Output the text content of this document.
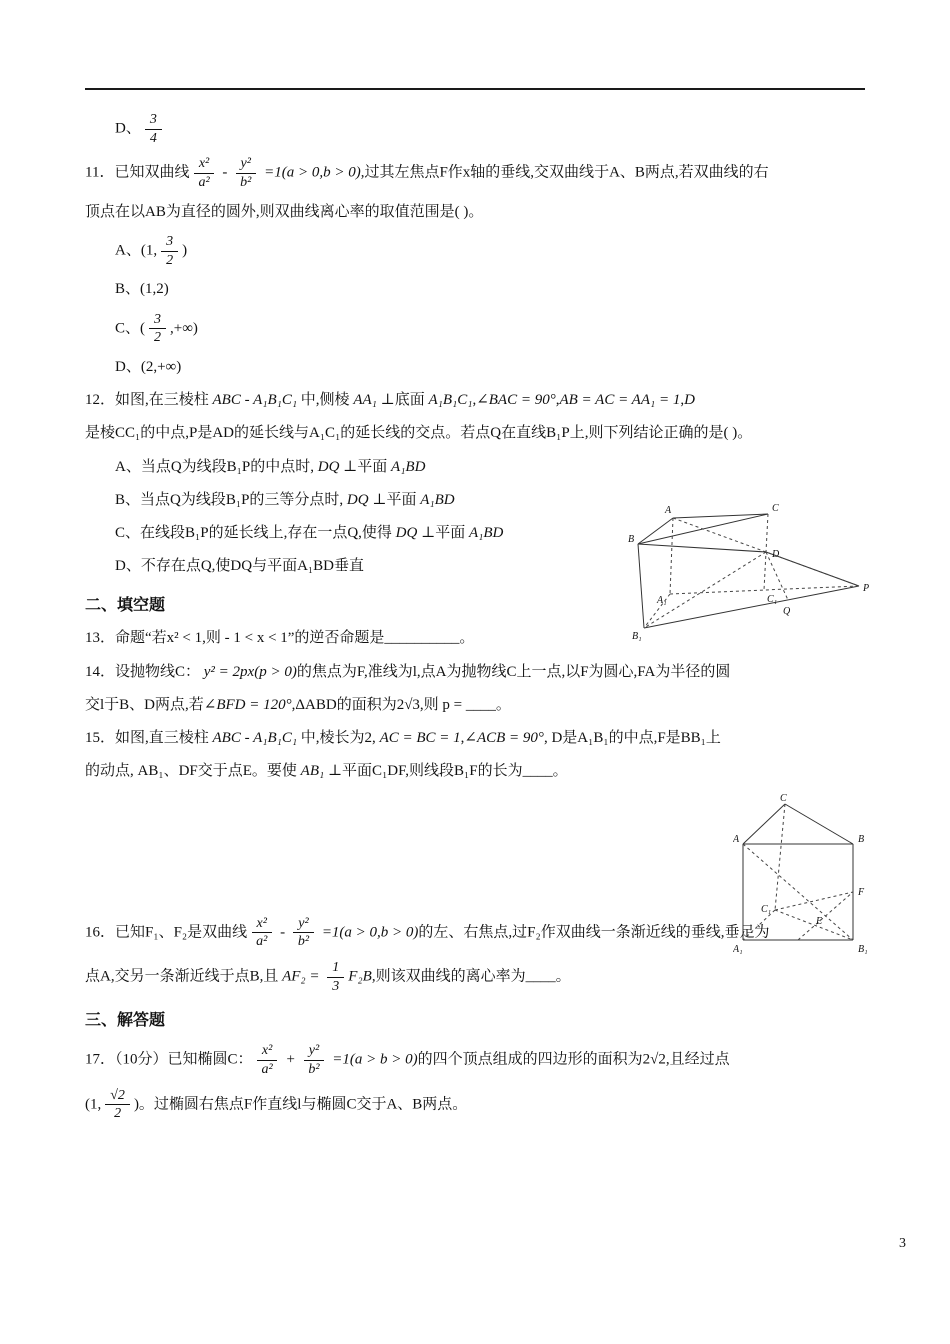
D、 $\frac{3}{4}$
11．已知双曲线 $\frac{\text{x²}}{\text{a²}} - \frac{\text{y²}}{\text{b²}} =1(a > 0,b > 0)$,过其左焦点F作x轴的垂线,交双曲线于A、B两点,若双曲线的右
顶点在以AB为直径的圆外,则双曲线离心率的取值范围是( )。
A、(1, $\frac{3}{2}$ )
B、(1,2)
C、( $\frac{3}{2}$ ,+∞)
D、(2,+∞)
12．如图,在三棱柱 ABC - A₁B₁C₁ 中,侧棱 AA₁ ⊥底面 A₁B₁C₁,∠BAC = 90°,AB = AC = AA₁ = 1,D
是棱CC₁的中点,P是AD的延长线与A₁C₁的延长线的交点。若点Q在直线B₁P上,则下列结论正确的是( )。
A、当点Q为线段B₁P的中点时, DQ ⊥平面 A₁BD
B、当点Q为线段B₁P的三等分点时, DQ ⊥平面 A₁BD
C、在线段B₁P的延长线上,存在一点Q,使得 DQ ⊥平面 A₁BD
D、不存在点Q,使DQ与平面A₁BD垂直
二、填空题
13．命题“若x² < 1,则 - 1 < x < 1”的逆否命题是__________。
14．设抛物线C： y² = 2px(p > 0)的焦点为F,准线为l,点A为抛物线C上一点,以F为圆心,FA为半径的圆
交l于B、D两点,若∠BFD = 120°,ΔABD的面积为2√3,则 p = ____。
15．如图,直三棱柱 ABC - A₁B₁C₁ 中,棱长为2, AC = BC = 1,∠ACB = 90°, D是A₁B₁的中点,F是BB₁上
的动点, AB₁、DF交于点E。要使 AB₁ ⊥平面C₁DF,则线段B₁F的长为____。
16．已知F₁、F₂是双曲线 $\frac{\text{x²}}{\text{a²}} - \frac{\text{y²}}{\text{b²}} =1(a > 0,b > 0)$的左、右焦点,过F₂作双曲线一条渐近线的垂线,垂足为
点A,交另一条渐近线于点B,且 $AF_2 = \frac{1}{3} F_2B$,则该双曲线的离心率为____。
三、解答题
17．（10分）已知椭圆C： $\frac{\text{x²}}{\text{a²}} + \frac{\text{y²}}{\text{b²}} =1(a > b > 0)$的四个顶点组成的四边形的面积为2√2,且经过点
(1, $\frac{√2}{2}$ )。过椭圆右焦点F作直线l与椭圆C交于A、B两点。
A	C
B
D
A₁	C₁
B₁
Q
P
C
A	B
F
C₁
E
A₁	B₁
3
